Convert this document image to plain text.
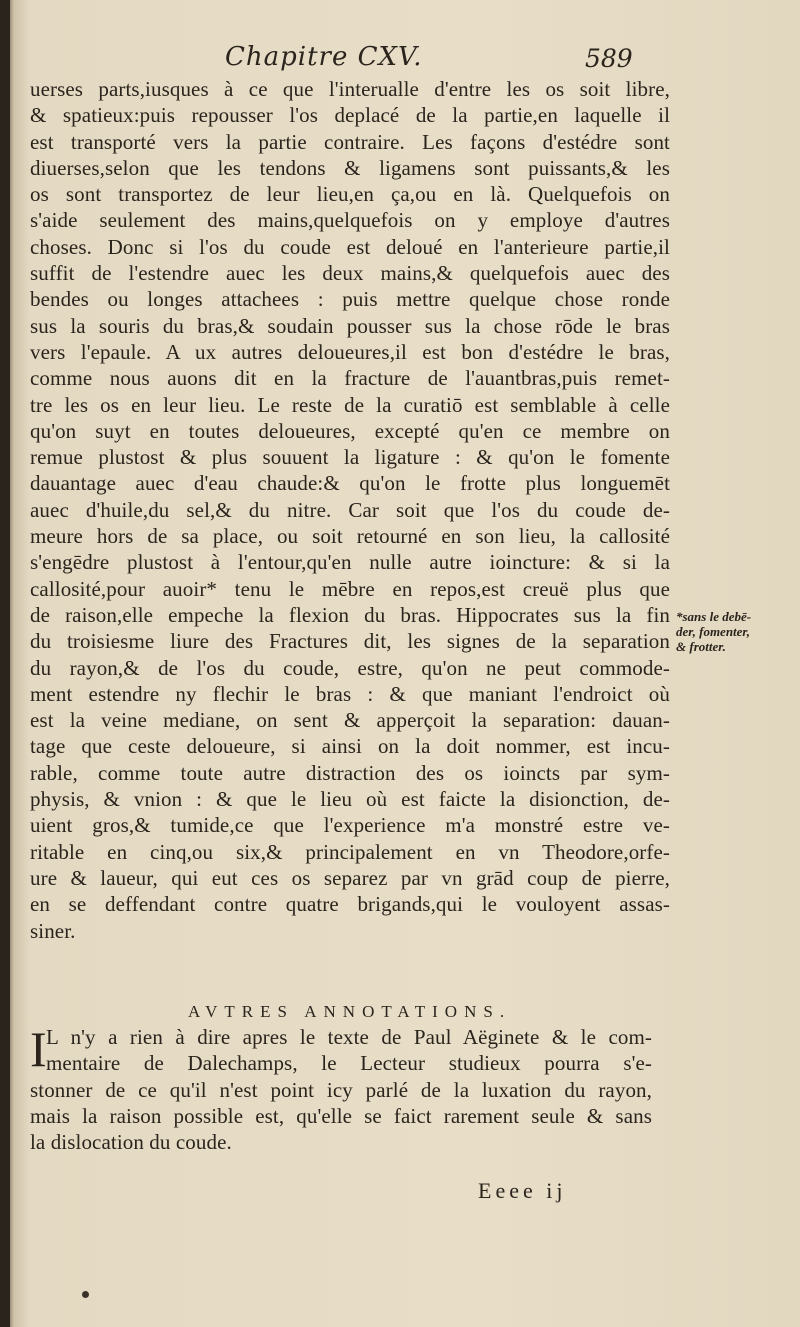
Chapitre CXV.	589
uerses parts,iusques à ce que l'interualle d'entre les os soit libre,
& spatieux:puis repousser l'os deplacé de la partie,en laquelle il
est transporté vers la partie contraire. Les façons d'estédre sont
diuerses,selon que les tendons & ligamens sont puissants,& les
os sont transportez de leur lieu,en ça,ou en là. Quelquefois on
s'aide seulement des mains,quelquefois on y employe d'autres
choses. Donc si l'os du coude est deloué en l'anterieure partie,il
suffit de l'estendre auec les deux mains,& quelquefois auec des
bendes ou longes attachees : puis mettre quelque chose ronde
sus la souris du bras,& soudain pousser sus la chose rōde le bras
vers l'epaule. A ux autres deloueures,il est bon d'estédre le bras,
comme nous auons dit en la fracture de l'auantbras,puis remet-
tre les os en leur lieu. Le reste de la curatiō est semblable à celle
qu'on suyt en toutes deloueures, excepté qu'en ce membre on
remue plustost & plus souuent la ligature : & qu'on le fomente
dauantage auec d'eau chaude:& qu'on le frotte plus longuemēt
auec d'huile,du sel,& du nitre. Car soit que l'os du coude de-
meure hors de sa place, ou soit retourné en son lieu, la callosité
s'engēdre plustost à l'entour,qu'en nulle autre ioincture: & si la
callosité,pour auoir* tenu le mēbre en repos,est creuë plus que
de raison,elle empeche la flexion du bras. Hippocrates sus la fin
du troisiesme liure des Fractures dit, les signes de la separation
du rayon,& de l'os du coude, estre, qu'on ne peut commode-
ment estendre ny flechir le bras : & que maniant l'endroict où
est la veine mediane, on sent & apperçoit la separation: dauan-
tage que ceste deloueure, si ainsi on la doit nommer, est incu-
rable, comme toute autre distraction des os ioincts par sym-
physis, & vnion : & que le lieu où est faicte la disionction, de-
uient gros,& tumide,ce que l'experience m'a monstré estre ve-
ritable en cinq,ou six,& principalement en vn Theodore,orfe-
ure & laueur, qui eut ces os separez par vn grād coup de pierre,
en se deffendant contre quatre brigands,qui le vouloyent assas-
siner.
*sans le debē-
der, fomenter,
& frotter.
AVTRES ANNOTATIONS.
I L n'y a rien à dire apres le texte de Paul Aëginete & le com-
mentaire de Dalechamps, le Lecteur studieux pourra s'e-
stonner de ce qu'il n'est point icy parlé de la luxation du rayon,
mais la raison possible est, qu'elle se faict rarement seule & sans
la dislocation du coude.
Eeee ij
